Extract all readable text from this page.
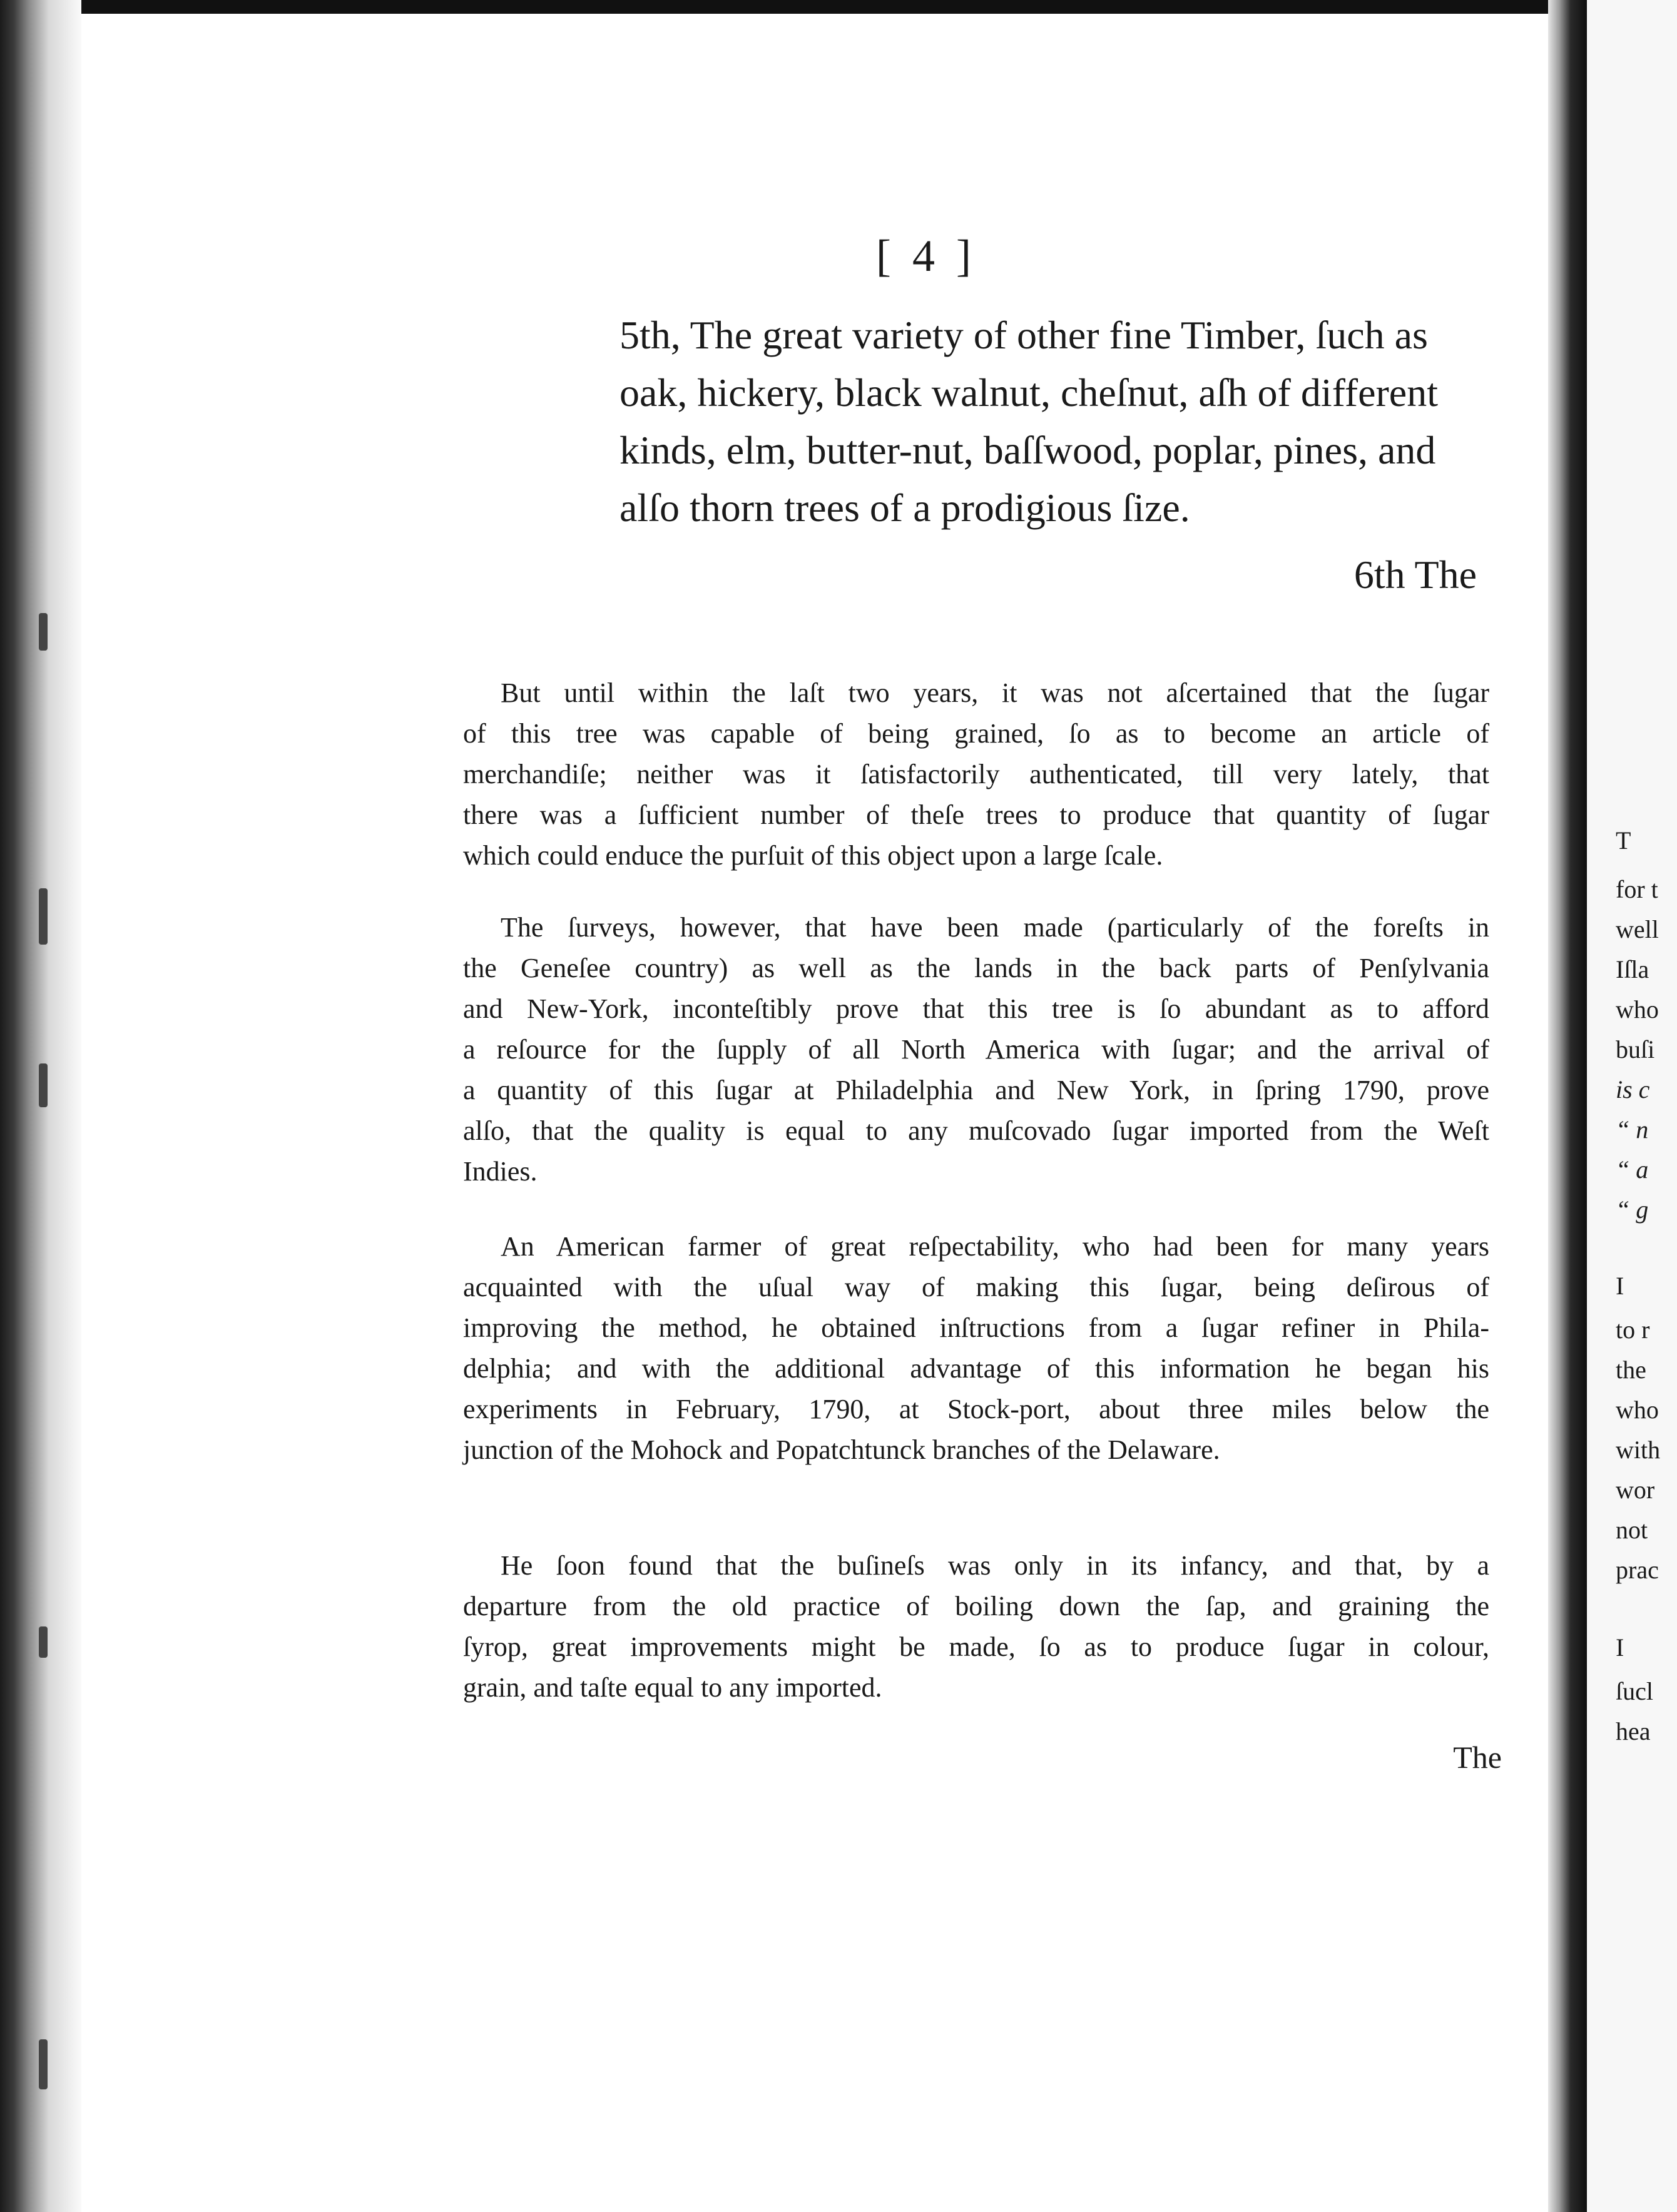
T
for t
well
Iſla
who
buſi
is c
“ n
“ a
“ g
I
to r
the
who
with
wor
not
prac
I
ſucl
hea
[ 4 ]
5th, The great variety of other fine Timber, ſuch as
oak, hickery, black walnut, cheſnut, aſh of different
kinds, elm, butter-nut, baſſwood, poplar, pines, and
alſo thorn trees of a prodigious ſize.
6th The
But until within the laſt two years, it was not aſcertained that the ſugar
of this tree was capable of being grained, ſo as to become an article of
merchandiſe; neither was it ſatisfactorily authenticated, till very lately, that
there was a ſufficient number of theſe trees to produce that quantity of ſugar
which could enduce the purſuit of this object upon a large ſcale.
The ſurveys, however, that have been made (particularly of the foreſts in
the Geneſee country) as well as the lands in the back parts of Penſylvania
and New-York, inconteſtibly prove that this tree is ſo abundant as to afford
a reſource for the ſupply of all North America with ſugar; and the arrival of
a quantity of this ſugar at Philadelphia and New York, in ſpring 1790, prove
alſo, that the quality is equal to any muſcovado ſugar imported from the Weſt
Indies.
An American farmer of great reſpectability, who had been for many years
acquainted with the uſual way of making this ſugar, being deſirous of
improving the method, he obtained inſtructions from a ſugar refiner in Phila-
delphia; and with the additional advantage of this information he began his
experiments in February, 1790, at Stock-port, about three miles below the
junction of the Mohock and Popatchtunck branches of the Delaware.
He ſoon found that the buſineſs was only in its infancy, and that, by a
departure from the old practice of boiling down the ſap, and graining the
ſyrop, great improvements might be made, ſo as to produce ſugar in colour,
grain, and taſte equal to any imported.
The
